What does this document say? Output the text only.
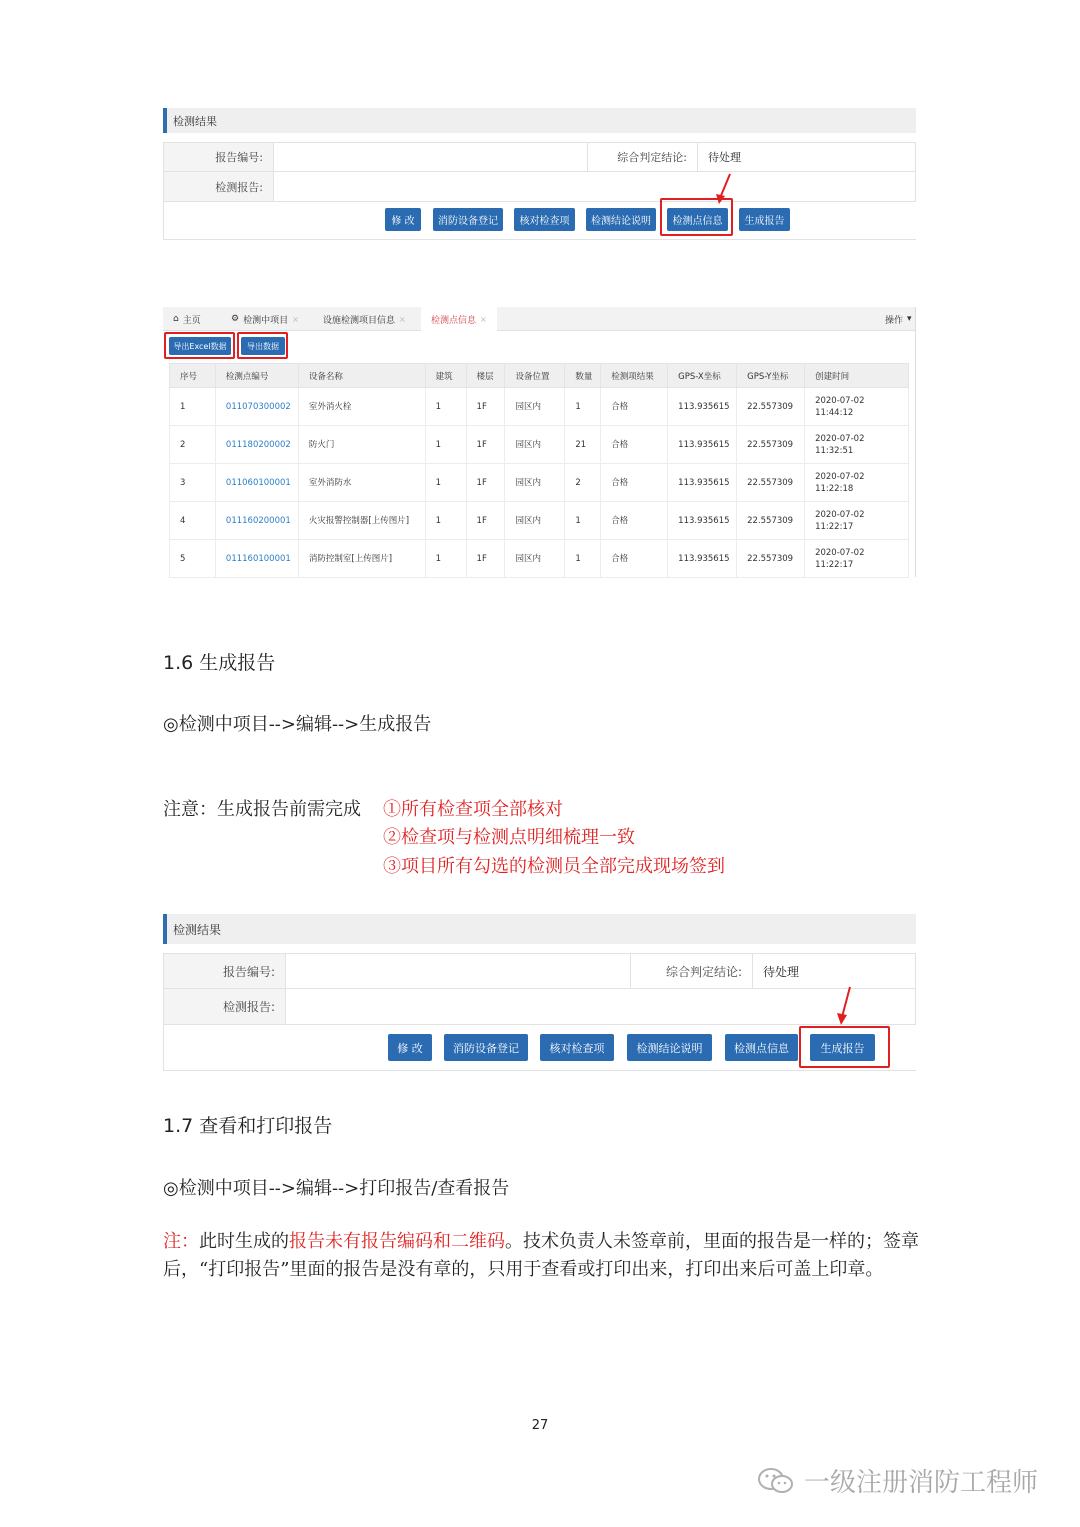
检测结果
报告编号:	综合判定结论:	待处理
检测报告:
修 改	消防设备登记	核对检查项	检测结论说明	检测点信息	生成报告
⌂ 主页	⚙ 检测中项目 ×	设施检测项目信息 ×	检测点信息 ×	操作 ▾
导出Excel数据	导出数据
序号	检测点编号	设备名称	建筑	楼层	设备位置	数量	检测项结果	GPS-X坐标	GPS-Y坐标	创建时间
1	011070300002	室外消火栓	1	1F	园区内	1	合格	113.935615	22.557309	2020-07-02
11:44:12
2	011180200002	防火门	1	1F	园区内	21	合格	113.935615	22.557309	2020-07-02
11:32:51
3	011060100001	室外消防水	1	1F	园区内	2	合格	113.935615	22.557309	2020-07-02
11:22:18
4	011160200001	火灾报警控制器[上传图片]	1	1F	园区内	1	合格	113.935615	22.557309	2020-07-02
11:22:17
5	011160100001	消防控制室[上传图片]	1	1F	园区内	1	合格	113.935615	22.557309	2020-07-02
11:22:17
1.6 生成报告
◎检测中项目-->编辑-->生成报告
注意：生成报告前需完成 ①所有检查项全部核对
②检查项与检测点明细梳理一致
③项目所有勾选的检测员全部完成现场签到
检测结果
报告编号:	综合判定结论:	待处理
检测报告:
修 改	消防设备登记	核对检查项	检测结论说明	检测点信息	生成报告
1.7 查看和打印报告
◎检测中项目-->编辑-->打印报告/查看报告
注：此时生成的报告未有报告编码和二维码。技术负责人未签章前，里面的报告是一样的；签章后，“打印报告”里面的报告是没有章的，只用于查看或打印出来，打印出来后可盖上印章。
27
一级注册消防工程师
